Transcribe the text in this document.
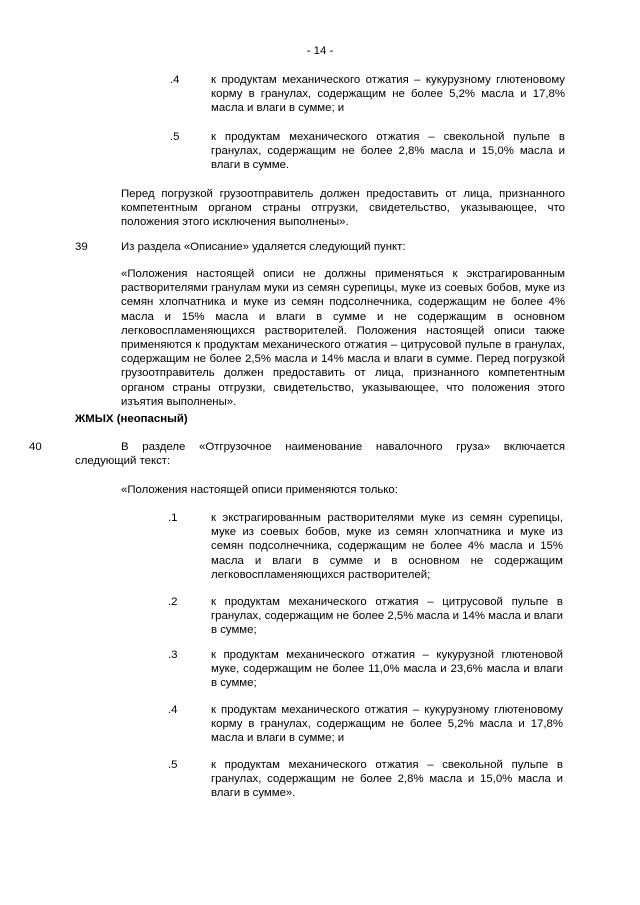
- 14 -
.4	к продуктам механического отжатия – кукурузному глютеновому корму в гранулах, содержащим не более 5,2% масла и 17,8% масла и влаги в сумме; и
.5	к продуктам механического отжатия – свекольной пульпе в гранулах, содержащим не более 2,8% масла и 15,0% масла и влаги в сумме.
Перед погрузкой грузоотправитель должен предоставить от лица, признанного компетентным органом страны отгрузки, свидетельство, указывающее, что положения этого исключения выполнены».
39	Из раздела «Описание» удаляется следующий пункт:
«Положения настоящей описи не должны применяться к экстрагированным растворителями гранулам муки из семян сурепицы, муке из соевых бобов, муке из семян хлопчатника и муке из семян подсолнечника, содержащим не более 4% масла и 15% масла и влаги в сумме и не содержащим в основном легковоспламеняющихся растворителей. Положения настоящей описи также применяются к продуктам механического отжатия – цитрусовой пульпе в гранулах, содержащим не более 2,5% масла и 14% масла и влаги в сумме. Перед погрузкой грузоотправитель должен предоставить от лица, признанного компетентным органом страны отгрузки, свидетельство, указывающее, что положения этого изъятия выполнены».
ЖМЫХ (неопасный)
40	В разделе «Отгрузочное наименование навалочного груза» включается следующий текст:
«Положения настоящей описи применяются только:
.1	к экстрагированным растворителями муке из семян сурепицы, муке из соевых бобов, муке из семян хлопчатника и муке из семян подсолнечника, содержащим не более 4% масла и 15% масла и влаги в сумме и в основном не содержащим легковоспламеняющихся растворителей;
.2	к продуктам механического отжатия – цитрусовой пульпе в гранулах, содержащим не более 2,5% масла и 14% масла и влаги в сумме;
.3	к продуктам механического отжатия – кукурузной глютеновой муке, содержащим не более 11,0% масла и 23,6% масла и влаги в сумме;
.4	к продуктам механического отжатия – кукурузному глютеновому корму в гранулах, содержащим не более 5,2% масла и 17,8% масла и влаги в сумме; и
.5	к продуктам механического отжатия – свекольной пульпе в гранулах, содержащим не более 2,8% масла и 15,0% масла и влаги в сумме».
